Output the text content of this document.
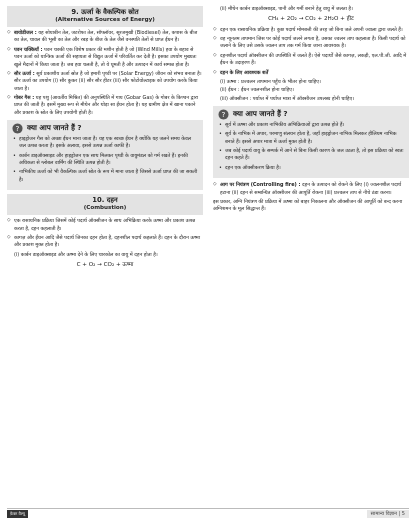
9. ऊर्जा के वैकल्पिक स्रोत
(Alternative Sources of Energy)

◇ बायोडीजल : यह सोयाबीन तेल, जटरोफा तेल, सॉफ्लॉवर, सूरजमुखी (Biodiesel) तेल, कपास के बीज का तेल, चावल की भूसी का तेल और रबड़ के बीज के तेल जैसे वनस्पति तेलों से प्राप्त ईंधन है।

◇ पवन चक्कियाँ : पवन चक्की एक विशेष प्रकार की मशीन होती है जो (Wind Mills) हवा के बहाव से पवन ऊर्जा को यान्त्रिक ऊर्जा की सहायता से विद्युत ऊर्जा में परिवर्तित कर देती है। इसका उपयोग मुख्यतः खुले मैदानों में किया जाता है। जब हवा चलती है, तो ये घूमती है और उत्पादन में कार्य सम्पन्न होता है।

◇ सौर ऊर्जा : सूर्य प्रकाशीय ऊर्जा स्रोत है जो हमारी पृथ्वी पर (Solar Energy) जीवन को संभव बनाता है। सौर ऊर्जा का उपयोग (i) सौर कुकर (ii) सौर सौर हीटर (iii) सौर फोटोवोल्टाइक को उपयोग करके किया जाता है।

◇ गोबर गैस : यह पशु (आवर्तीय मिश्रित) की अनुपस्थिति में गाय (Gobar Gas) के गोबर के किण्वन द्वारा प्राप्त की जाती है। इसमें मुख्य रूप से मीथेन और थोड़ा सा ईंधन होता है। यह ग्रामीण क्षेत्र में खाना पकाने और प्रकाश के स्रोत के लिए उपयोगी होती है।

? क्या आप जानते हैं ?
• हाइड्रोजन गैस को अच्छा ईंधन माना जाता है। यह एक स्वच्छ ईंधन है क्योंकि यह जलने समय केवल जल उत्पन्न करता है। इसके अलावा, इससे उत्पन्न ऊर्जा काफी है।
• कार्बन डाइऑक्साइड और हाइड्रोजन एक साथ मिलकर पृथ्वी के वायुमंडल को गर्म रखते हैं। इनकी अधिकता से ग्लोबल वार्मिंग की स्थिति उत्पन्न होती है।
• नाभिकीय ऊर्जा को भी वैकल्पिक ऊर्जा स्रोत के रूप में माना जाता है जिससे ऊर्जा प्राप्त की जा सकती है।
10. दहन
(Combustion)

◇ एक रासायनिक प्रक्रिया जिसमें कोई पदार्थ ऑक्सीजन के साथ अभिक्रिया करके ऊष्मा और प्रकाश उत्पन्न करता है, दहन कहलाती है।

◇ कागज़ और ईंधन आदि जैसे पदार्थ जिनका दहन होता है, दहनशील पदार्थ कहलाते हैं। दहन के दौरान ऊष्मा और प्रकाश मुक्त होता है।

(i) कार्बन डाइऑक्साइड और ऊष्मा देने के लिए चारकोल का वायु में दहन होता है।

C + O₂ → CO₂ + ऊष्मा

(ii) मीथेन कार्बन डाइऑक्साइड, पानी और गर्मी बनाने हेतु वायु में जलता है।

CH₄ + 2O₂ → CO₂ + 2H₂O + हीट

◇ दहन एक रासायनिक प्रक्रिया है। कुछ पदार्थ मोमबत्ती की तरह जो बिना जले अपनी ज्वाला द्वारा जलते हैं।

◇ वह न्यूनतम तापमान जिस पर कोई पदार्थ जलने लगता है, उसका ज्वलन ताप कहलाता है। किसी पदार्थ को जलाने के लिए उसे उसके ज्वलन ताप तक गर्म किया जाना आवश्यक है।

◇ दहनशील पदार्थ ऑक्सीजन की उपस्थिति में जलते हैं। ऐसे पदार्थों जैसे कागज़, लकड़ी, एल.पी.जी. आदि में ईंधन के उदाहरण हैं।

◇ दहन के लिए आवश्यक शर्तें

(i) ऊष्मा : प्रज्वलन तापमान पहुँच के भीतर होना चाहिए।

(ii) ईंधन : ईंधन ज्वलनशील होना चाहिए।

(iii) ऑक्सीजन : पर्याप्त में पर्याप्त मात्रा में ऑक्सीजन उपलब्ध होनी चाहिए।

? क्या आप जानते हैं ?
• सूर्य में ऊष्मा और प्रकाश नाभिकीय अभिक्रियाओं द्वारा उत्पन्न होते हैं।
• सूर्य के नाभिक में अपार, परमाणु संलयन होता है, जहाँ हाइड्रोजन नाभिक मिलकर हीलियम नाभिक बनाते हैं। इससे अपार मात्रा में ऊर्जा मुक्त होती है।
• जब कोई पदार्थ वायु के सम्पर्क में आने से बिना किसी कारण के जल उठता है, तो इस प्रक्रिया को स्वतः दहन कहते हैं।
• दहन एक ऑक्सीकरण क्रिया है।

◇ आग पर नियंत्रण (Controlling fire) : दहन के उत्पादन को रोकने के लिए (i) ज्वलनशील पदार्थ हटाना (ii) दहन से सम्बन्धित ऑक्सीजन की आपूर्ति रोकना (iii) प्रज्वलन ताप से नीचे ठंडा करना।

इस प्रकार, अग्नि नियंत्रण की प्रक्रिया में ऊष्मा को बाहर निकालना और ऑक्सीजन की आपूर्ति को बन्द करना अग्निशमन के मूल सिद्धान्त हैं।

फ़ेक्ट वैल्यू	सामान्य विज्ञान | 5
